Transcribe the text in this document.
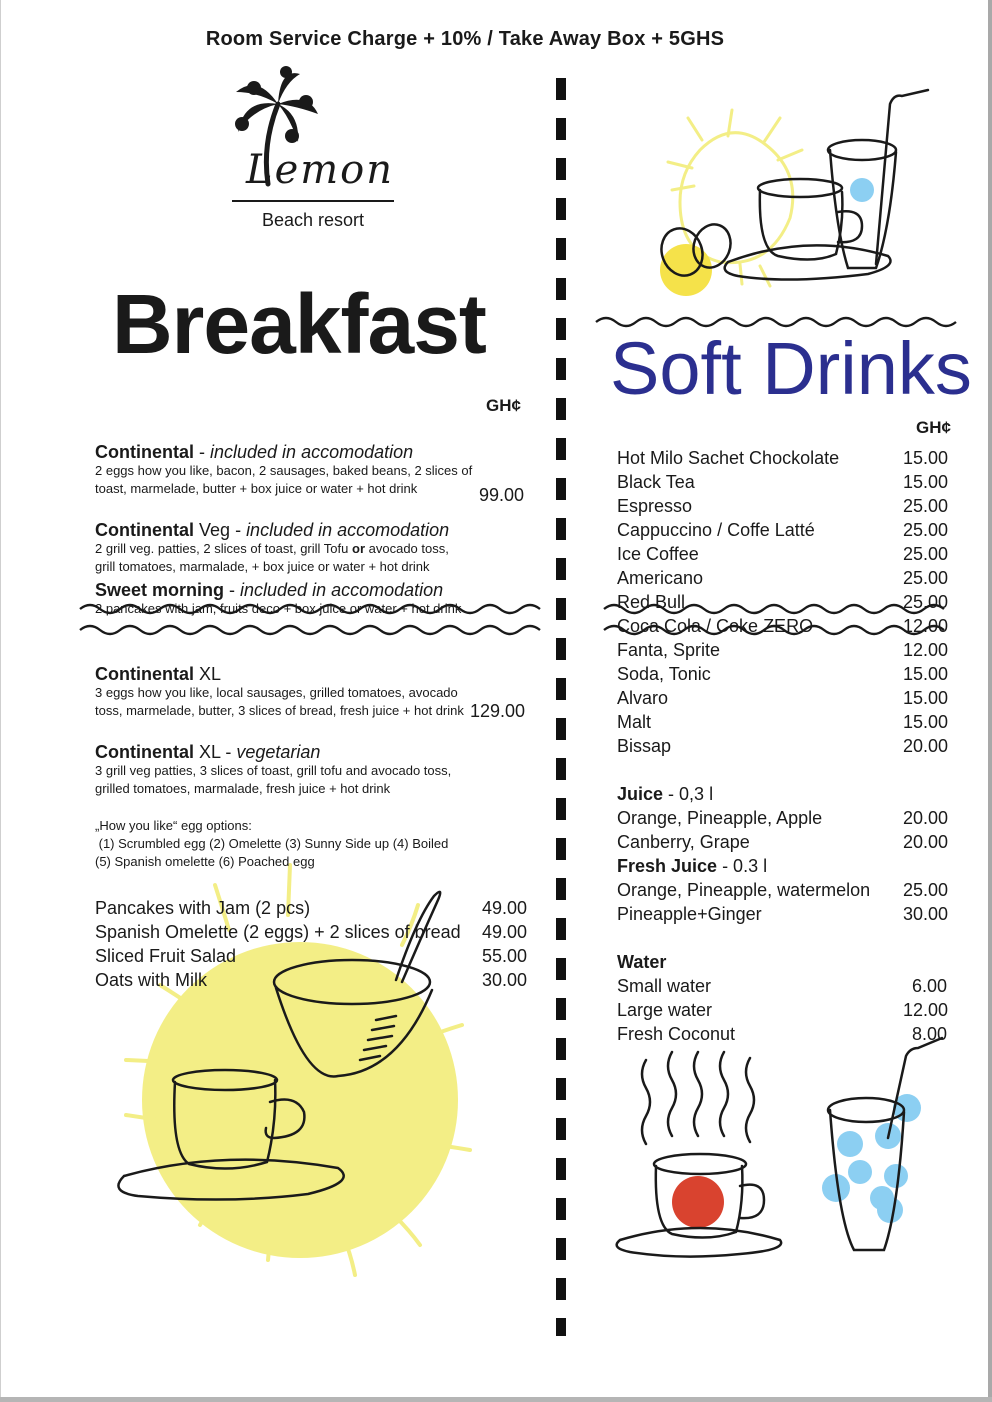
Room Service Charge + 10% / Take Away Box + 5GHS
Lemon
Beach resort
Breakfast
GH¢
Continental - included in accomodation
2 eggs how you like, bacon, 2 sausages, baked beans, 2 slices of toast, marmelade, butter + box juice or water + hot drink	99.00
Continental Veg - included in accomodation
2 grill veg. patties, 2 slices of toast, grill Tofu or avocado toss, grill tomatoes, marmalade, + box juice or water + hot drink
Sweet morning - included in accomodation
2 pancakes with jam, fruits deco + box juice or water + hot drink
Continental XL
3 eggs how you like, local sausages, grilled tomatoes, avocado toss, marmelade, butter, 3 slices of bread, fresh juice + hot drink 129.00
Continental XL - vegetarian
3 grill veg patties, 3 slices of toast, grill tofu and avocado toss, grilled tomatoes, marmalade, fresh juice + hot drink
„How you like“ egg options:
(1) Scrumbled egg (2) Omelette (3) Sunny Side up (4) Boiled
(5) Spanish omelette (6) Poached egg
Pancakes with Jam (2 pcs)	49.00
Spanish Omelette (2 eggs) + 2 slices of bread 49.00
Sliced Fruit Salad	55.00
Oats with Milk	30.00
Soft Drinks
GH¢
Hot Milo Sachet Chockolate	15.00
Black Tea	15.00
Espresso	25.00
Cappuccino / Coffe Latté	25.00
Ice Coffee	25.00
Americano	25.00
Red Bull	25.00
Coca Cola / Coke ZERO	12.00
Fanta, Sprite	12.00
Soda, Tonic	15.00
Alvaro	15.00
Malt	15.00
Bissap	20.00
Juice - 0,3 l
Orange, Pineapple, Apple	20.00
Canberry, Grape	20.00
Fresh Juice - 0.3 l
Orange, Pineapple, watermelon 25.00
Pineapple+Ginger	30.00
Water
Small water	6.00
Large water	12.00
Fresh Coconut	8.00
